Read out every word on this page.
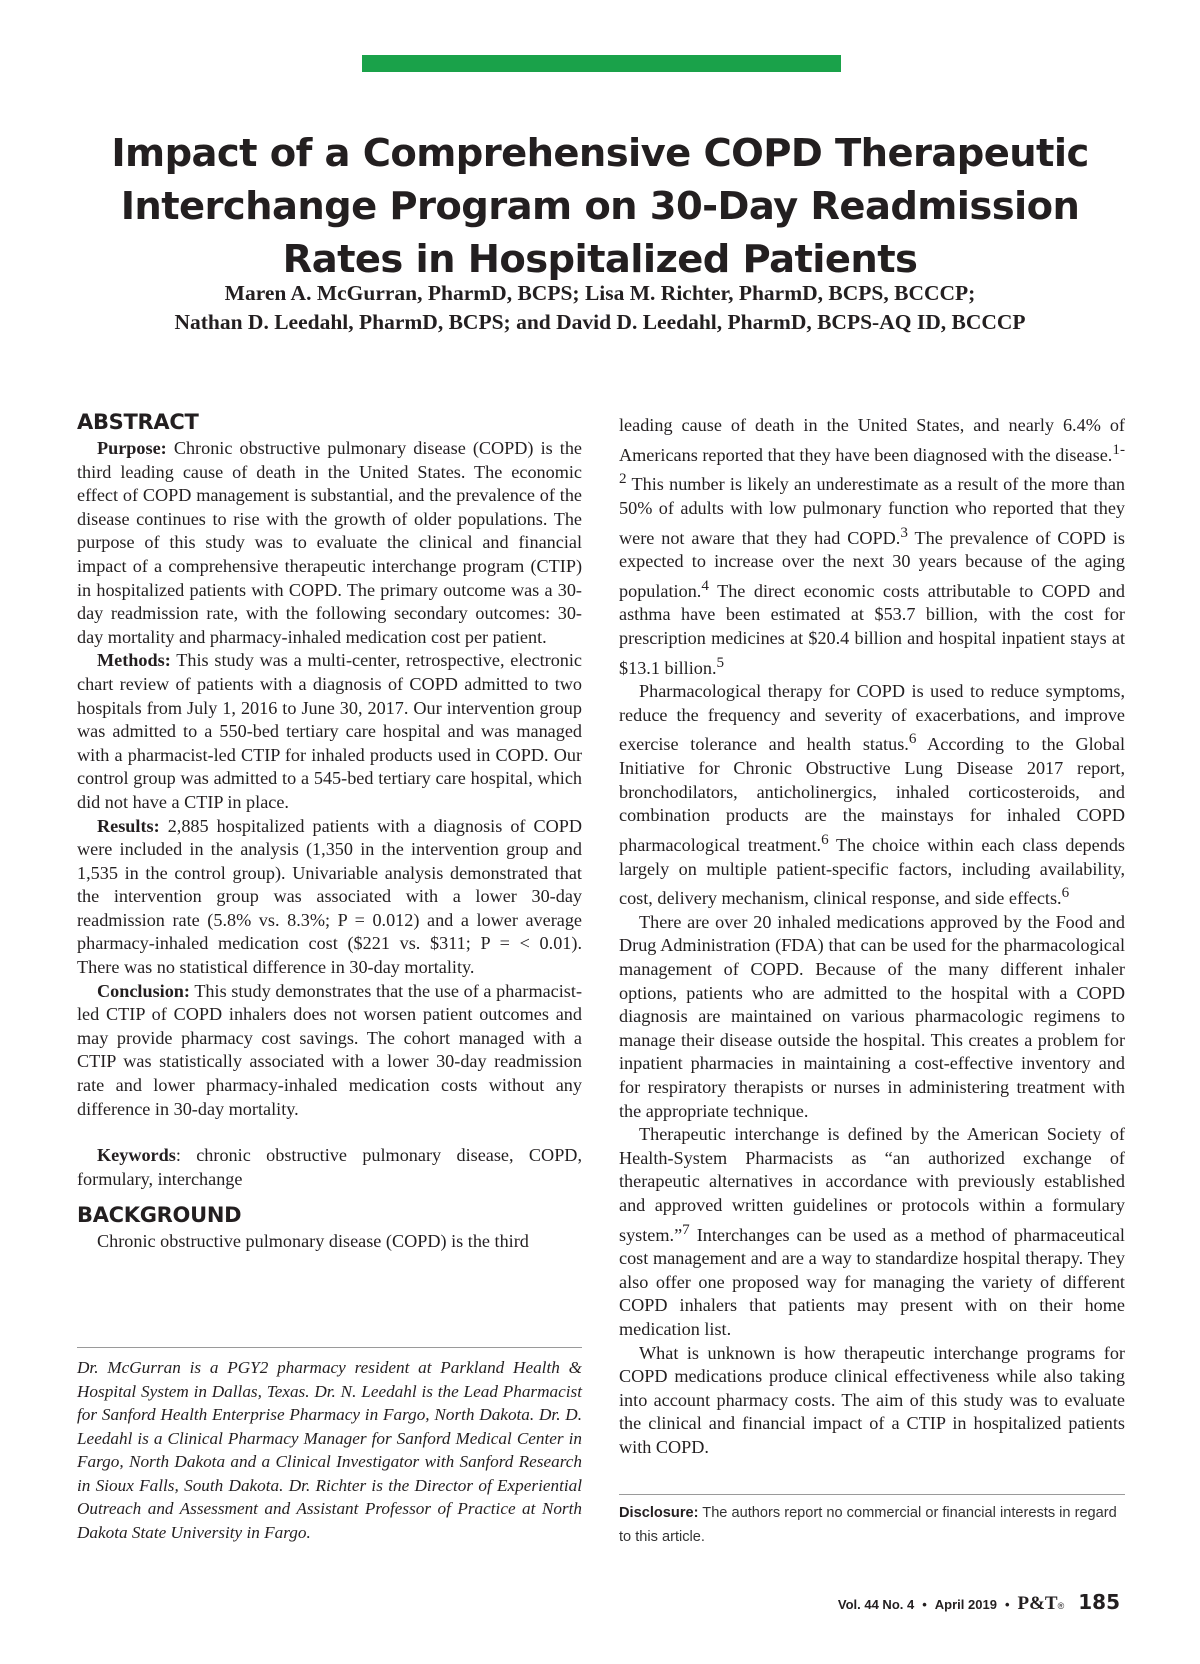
Impact of a Comprehensive COPD Therapeutic
Interchange Program on 30-Day Readmission
Rates in Hospitalized Patients
Maren A. McGurran, PharmD, BCPS; Lisa M. Richter, PharmD, BCPS, BCCCP;
Nathan D. Leedahl, PharmD, BCPS; and David D. Leedahl, PharmD, BCPS-AQ ID, BCCCP
ABSTRACT

Purpose: Chronic obstructive pulmonary disease (COPD) is the third leading cause of death in the United States. The economic effect of COPD management is substantial, and the prevalence of the disease continues to rise with the growth of older populations. The purpose of this study was to evaluate the clinical and financial impact of a comprehensive therapeutic interchange program (CTIP) in hospitalized patients with COPD. The primary outcome was a 30-day readmission rate, with the following secondary outcomes: 30-day mortality and pharmacy-inhaled medication cost per patient.

Methods: This study was a multi-center, retrospective, electronic chart review of patients with a diagnosis of COPD admitted to two hospitals from July 1, 2016 to June 30, 2017. Our intervention group was admitted to a 550-bed tertiary care hospital and was managed with a pharmacist-led CTIP for inhaled products used in COPD. Our control group was admitted to a 545-bed tertiary care hospital, which did not have a CTIP in place.

Results: 2,885 hospitalized patients with a diagnosis of COPD were included in the analysis (1,350 in the intervention group and 1,535 in the control group). Univariable analysis demonstrated that the intervention group was associated with a lower 30-day readmission rate (5.8% vs. 8.3%; P = 0.012) and a lower average pharmacy-inhaled medication cost ($221 vs. $311; P = < 0.01). There was no statistical difference in 30-day mortality.

Conclusion: This study demonstrates that the use of a pharmacist-led CTIP of COPD inhalers does not worsen patient outcomes and may provide pharmacy cost savings. The cohort managed with a CTIP was statistically associated with a lower 30-day readmission rate and lower pharmacy-inhaled medication costs without any difference in 30-day mortality.

Keywords: chronic obstructive pulmonary disease, COPD, formulary, interchange

BACKGROUND

Chronic obstructive pulmonary disease (COPD) is the third

Dr. McGurran is a PGY2 pharmacy resident at Parkland Health & Hospital System in Dallas, Texas. Dr. N. Leedahl is the Lead Pharmacist for Sanford Health Enterprise Pharmacy in Fargo, North Dakota. Dr. D. Leedahl is a Clinical Pharmacy Manager for Sanford Medical Center in Fargo, North Dakota and a Clinical Investigator with Sanford Research in Sioux Falls, South Dakota. Dr. Richter is the Director of Experiential Outreach and Assessment and Assistant Professor of Practice at North Dakota State University in Fargo.

leading cause of death in the United States, and nearly 6.4% of Americans reported that they have been diagnosed with the disease.$^{1-2}$ This number is likely an underestimate as a result of the more than 50% of adults with low pulmonary function who reported that they were not aware that they had COPD.$^3$ The prevalence of COPD is expected to increase over the next 30 years because of the aging population.$^4$ The direct economic costs attributable to COPD and asthma have been estimated at $53.7 billion, with the cost for prescription medicines at $20.4 billion and hospital inpatient stays at $13.1 billion.$^5$

Pharmacological therapy for COPD is used to reduce symptoms, reduce the frequency and severity of exacerbations, and improve exercise tolerance and health status.$^6$ According to the Global Initiative for Chronic Obstructive Lung Disease 2017 report, bronchodilators, anticholinergics, inhaled corticosteroids, and combination products are the mainstays for inhaled COPD pharmacological treatment.$^6$ The choice within each class depends largely on multiple patient-specific factors, including availability, cost, delivery mechanism, clinical response, and side effects.$^6$

There are over 20 inhaled medications approved by the Food and Drug Administration (FDA) that can be used for the pharmacological management of COPD. Because of the many different inhaler options, patients who are admitted to the hospital with a COPD diagnosis are maintained on various pharmacologic regimens to manage their disease outside the hospital. This creates a problem for inpatient pharmacies in maintaining a cost-effective inventory and for respiratory therapists or nurses in administering treatment with the appropriate technique.

Therapeutic interchange is defined by the American Society of Health-System Pharmacists as “an authorized exchange of therapeutic alternatives in accordance with previously established and approved written guidelines or protocols within a formulary system.”$^7$ Interchanges can be used as a method of pharmaceutical cost management and are a way to standardize hospital therapy. They also offer one proposed way for managing the variety of different COPD inhalers that patients may present with on their home medication list.

What is unknown is how therapeutic interchange programs for COPD medications produce clinical effectiveness while also taking into account pharmacy costs. The aim of this study was to evaluate the clinical and financial impact of a CTIP in hospitalized patients with COPD.

Disclosure: The authors report no commercial or financial interests in regard to this article.
Vol. 44 No. 4 • April 2019 • P&T ® 185
